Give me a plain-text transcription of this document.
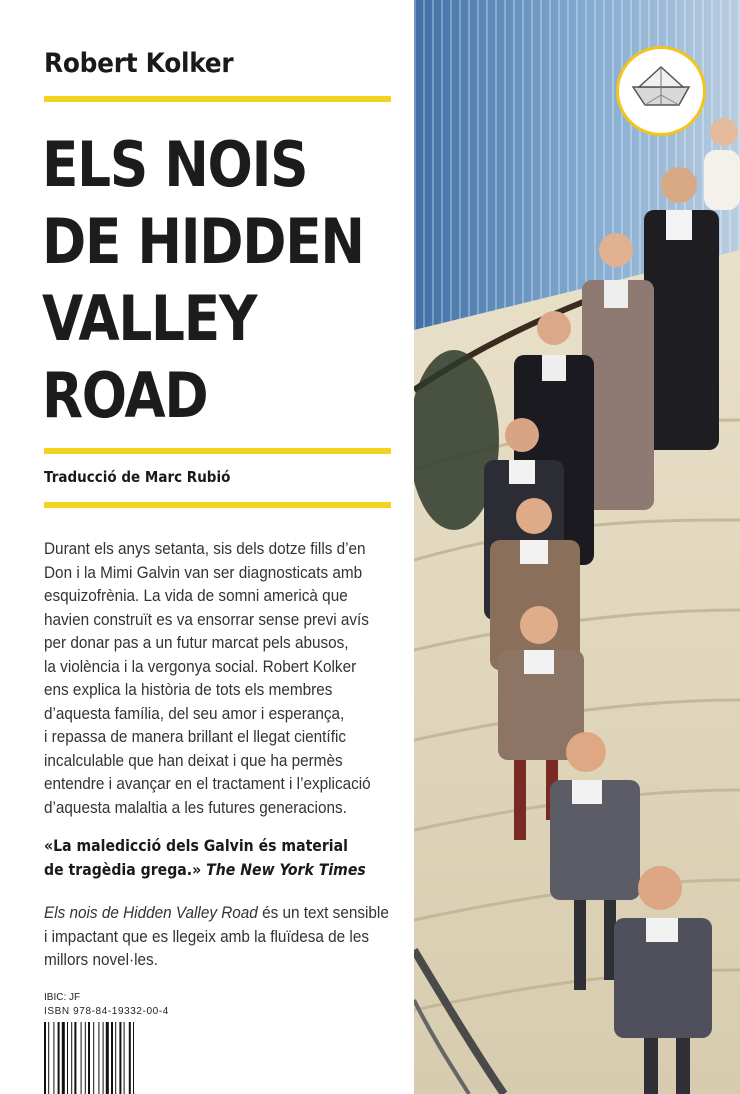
Robert Kolker
ELS NOIS
DE HIDDEN
VALLEY
ROAD
Traducció de Marc Rubió
Durant els anys setanta, sis dels dotze fills d’en
Don i la Mimi Galvin van ser diagnosticats amb
esquizofrènia. La vida de somni americà que
havien construït es va ensorrar sense previ avís
per donar pas a un futur marcat pels abusos,
la violència i la vergonya social. Robert Kolker
ens explica la història de tots els membres
d’aquesta família, del seu amor i esperança,
i repassa de manera brillant el llegat científic
incalculable que han deixat i que ha permès
entendre i avançar en el tractament i l’explicació
d’aquesta malaltia a les futures generacions.
«La maledicció dels Galvin és material
de tragèdia grega.» The New York Times
Els nois de Hidden Valley Road és un text sensible
i impactant que es llegeix amb la fluïdesa de les
millors novel·les.
IBIC: JF
ISBN 978-84-19332-00-4
